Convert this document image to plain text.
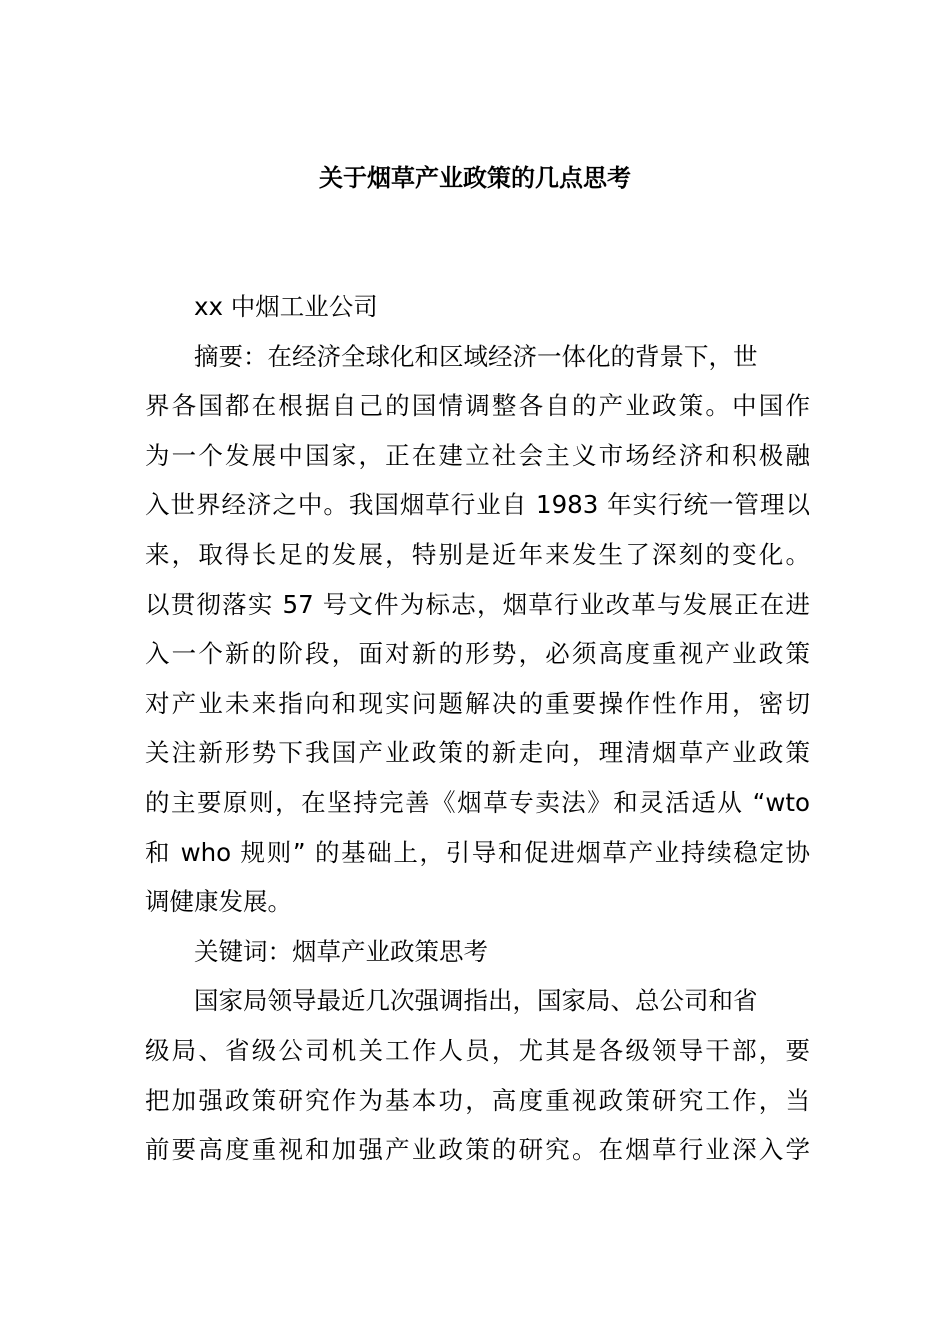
关于烟草产业政策的几点思考
xx 中烟工业公司
摘要：在经济全球化和区域经济一体化的背景下，世
界各国都在根据自己的国情调整各自的产业政策。中国作
为一个发展中国家，正在建立社会主义市场经济和积极融
入世界经济之中。我国烟草行业自 1983 年实行统一管理以
来，取得长足的发展，特别是近年来发生了深刻的变化。
以贯彻落实 57 号文件为标志，烟草行业改革与发展正在进
入一个新的阶段，面对新的形势，必须高度重视产业政策
对产业未来指向和现实问题解决的重要操作性作用，密切
关注新形势下我国产业政策的新走向，理清烟草产业政策
的主要原则，在坚持完善《烟草专卖法》和灵活适从 “wto
和 who 规则” 的基础上，引导和促进烟草产业持续稳定协
调健康发展。
关键词：烟草产业政策思考
国家局领导最近几次强调指出，国家局、总公司和省
级局、省级公司机关工作人员，尤其是各级领导干部，要
把加强政策研究作为基本功，高度重视政策研究工作，当
前要高度重视和加强产业政策的研究。在烟草行业深入学
